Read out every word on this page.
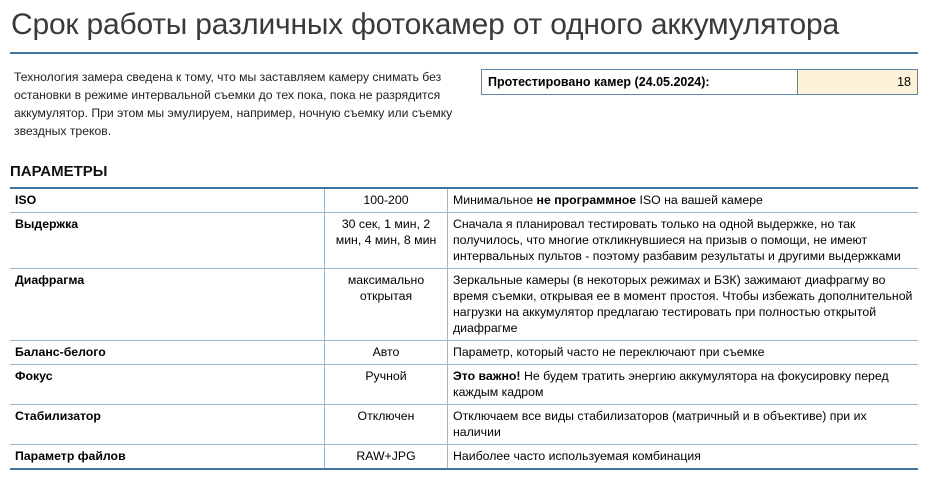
Срок работы различных фотокамер от одного аккумулятора
Технология замера сведена к тому, что мы заставляем камеру снимать без остановки в режиме интервальной съемки до тех пока, пока не разрядится аккумулятор. При этом мы эмулируем, например, ночную съемку или съемку звездных треков.
Протестировано камер (24.05.2024):	18
ПАРАМЕТРЫ
ISO	100-200	Минимальное не программное ISO на вашей камере
Выдержка	30 сек, 1 мин, 2 мин, 4 мин, 8 мин	Сначала я планировал тестировать только на одной выдержке, но так получилось, что многие откликнувшиеся на призыв о помощи, не имеют интервальных пультов - поэтому разбавим результаты и другими выдержками
Диафрагма	максимально открытая	Зеркальные камеры (в некоторых режимах и БЗК) зажимают диафрагму во время съемки, открывая ее в момент простоя. Чтобы избежать дополнительной нагрузки на аккумулятор предлагаю тестировать при полностью открытой диафрагме
Баланс-белого	Авто	Параметр, который часто не переключают при съемке
Фокус	Ручной	Это важно! Не будем тратить энергию аккумулятора на фокусировку перед каждым кадром
Стабилизатор	Отключен	Отключаем все виды стабилизаторов (матричный и в объективе) при их наличии
Параметр файлов	RAW+JPG	Наиболее часто используемая комбинация
